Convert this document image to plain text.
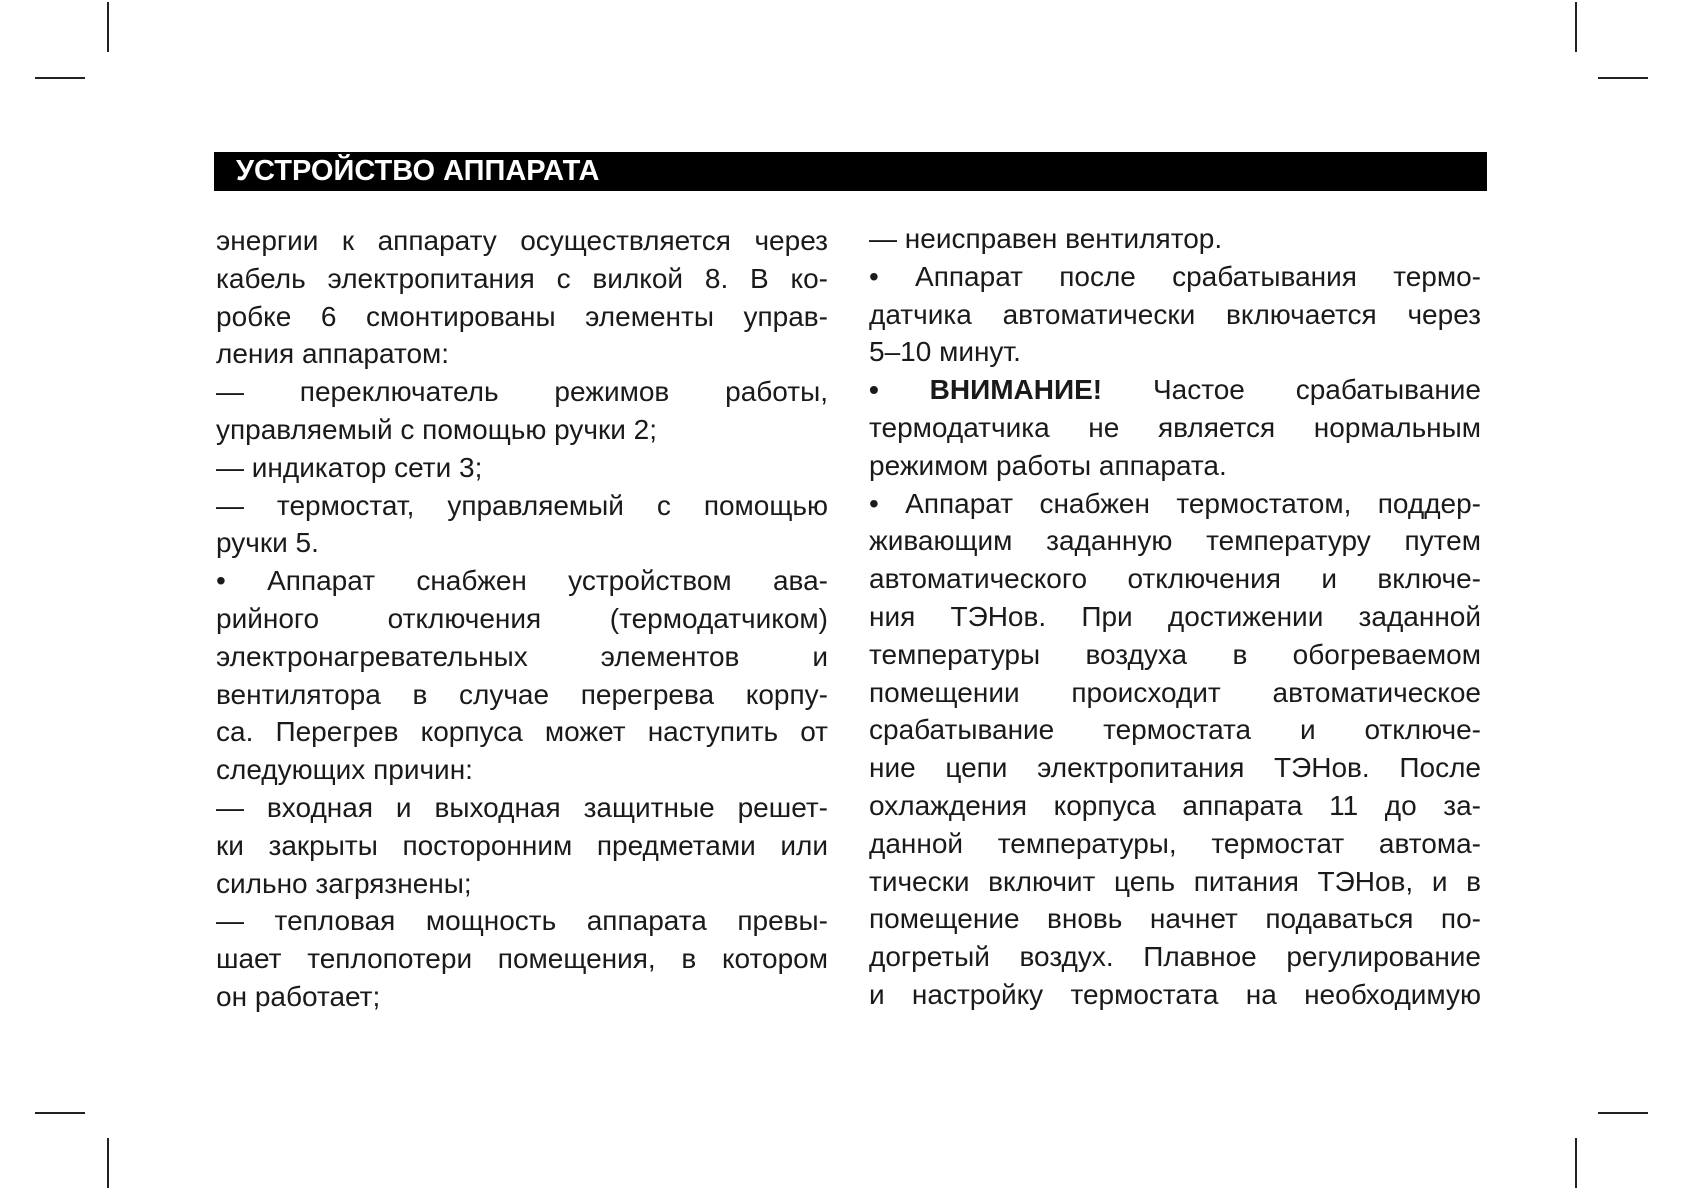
УСТРОЙСТВО АППАРАТА
энергии к аппарату осуществляется через
кабель электропитания с вилкой 8. В ко-
робке 6 смонтированы элементы управ-
ления аппаратом:
— переключатель режимов работы,
управляемый с помощью ручки 2;
— индикатор сети 3;
— термостат, управляемый с помощью
ручки 5.
• Аппарат снабжен устройством ава-
рийного отключения (термодатчиком)
электронагревательных элементов и
вентилятора в случае перегрева корпу-
са. Перегрев корпуса может наступить от
следующих причин:
— входная и выходная защитные решет-
ки закрыты посторонним предметами или
сильно загрязнены;
— тепловая мощность аппарата превы-
шает теплопотери помещения, в котором
он работает;
— неисправен вентилятор.
• Аппарат после срабатывания термо-
датчика автоматически включается через
5–10 минут.
• ВНИМАНИЕ! Частое срабатывание
термодатчика не является нормальным
режимом работы аппарата.
• Аппарат снабжен термостатом, поддер-
живающим заданную температуру путем
автоматического отключения и включе-
ния ТЭНов. При достижении заданной
температуры воздуха в обогреваемом
помещении происходит автоматическое
срабатывание термостата и отключе-
ние цепи электропитания ТЭНов. После
охлаждения корпуса аппарата 11 до за-
данной температуры, термостат автома-
тически включит цепь питания ТЭНов, и в
помещение вновь начнет подаваться по-
догретый воздух. Плавное регулирование
и настройку термостата на необходимую
